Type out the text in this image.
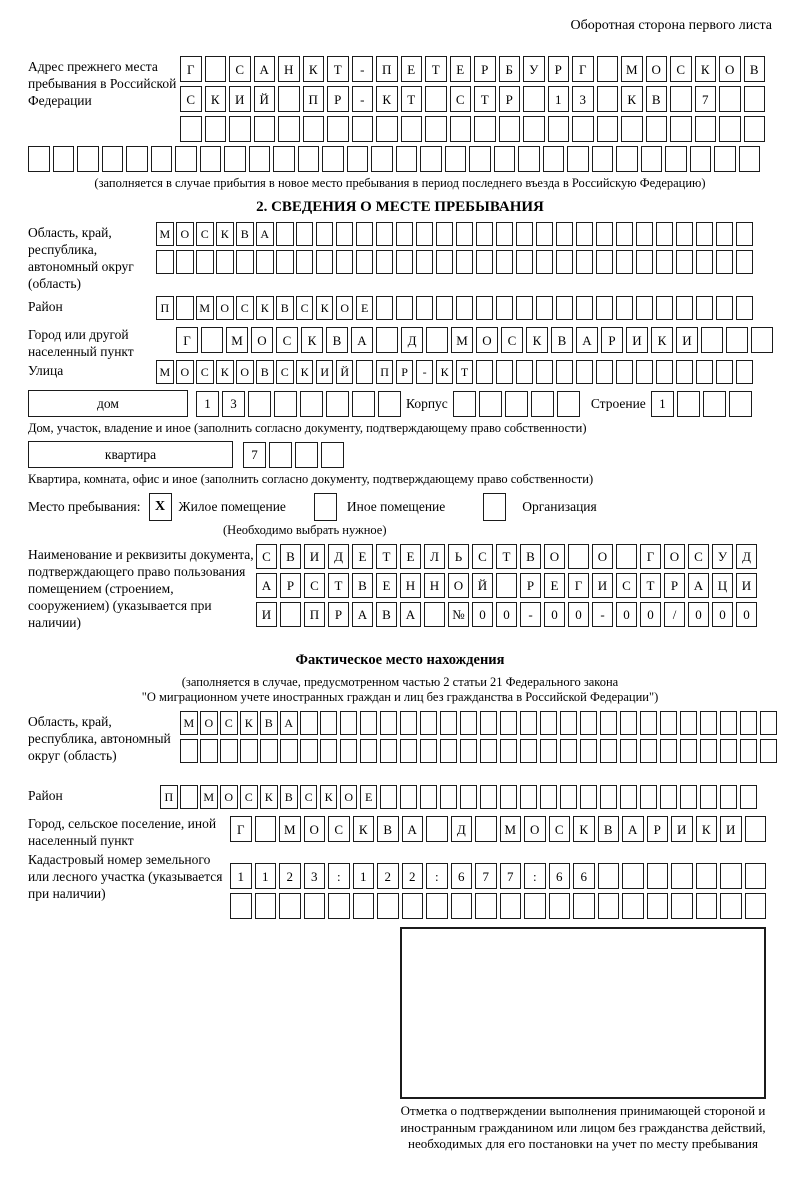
Оборотная сторона первого листа
Адрес прежнего места пребывания в Российской Федерации
Г	С	А	Н	К	Т	-	П	Е	Т	Е	Р	Б	У	Р	Г	М	О	С	К	О	В
С	К	И	Й	П	Р	-	К	Т	С	Т	Р	1	3	К	В	7
(заполняется в случае прибытия в новое место пребывания в период последнего въезда в Российскую Федерацию)
2. СВЕДЕНИЯ О МЕСТЕ ПРЕБЫВАНИЯ
Область, край, республика, автономный округ (область)
М О С К В А
Район	П	М О С К В С К О Е
Город или другой населенный пункт
Г	М	О	С	К	В	А	Д	М	О	С	К	В	А	Р	И	К	И
Улица	М О С К О В С К И Й	П	Р	-	К	Т
дом	1	3	Корпус	Строение	1
Дом, участок, владение и иное (заполнить согласно документу, подтверждающему право собственности)
квартира	7
Квартира, комната, офис и иное (заполнить согласно документу, подтверждающему право собственности)
Место пребывания:	X Жилое помещение	Иное помещение	Организация
(Необходимо выбрать нужное)
Наименование и реквизиты документа, подтверждающего право пользования помещением (строением, сооружением) (указывается при наличии)
С	В	И	Д	Е	Т	Е	Л	Ь	С	Т	В	О	О	Г	О	С	У	Д
А	Р	С	Т	В	Е	Н	Н	О	Й	Р	Е	Г	И	С	Т	Р	А	Ц	И
И	П	Р	А	В	А	№	0	0	-	0	0	-	0	0	/	0	0	0
Фактическое место нахождения
(заполняется в случае, предусмотренном частью 2 статьи 21 Федерального закона
"О миграционном учете иностранных граждан и лиц без гражданства в Российской Федерации")
Область, край, республика, автономный округ (область)
М О С К В А
Район	П	М О С К В С К О Е
Город, сельское поселение, иной населенный пункт
Г	М	О	С	К	В	А	Д	М	О	С	К	В	А	Р	И	К	И
Кадастровый номер земельного или лесного участка (указывается при наличии)
1	1	2	3	:	1	2	2	:	6	7	7	:	6	6
Отметка о подтверждении выполнения принимающей стороной и иностранным гражданином или лицом без гражданства действий, необходимых для его постановки на учет по месту пребывания
